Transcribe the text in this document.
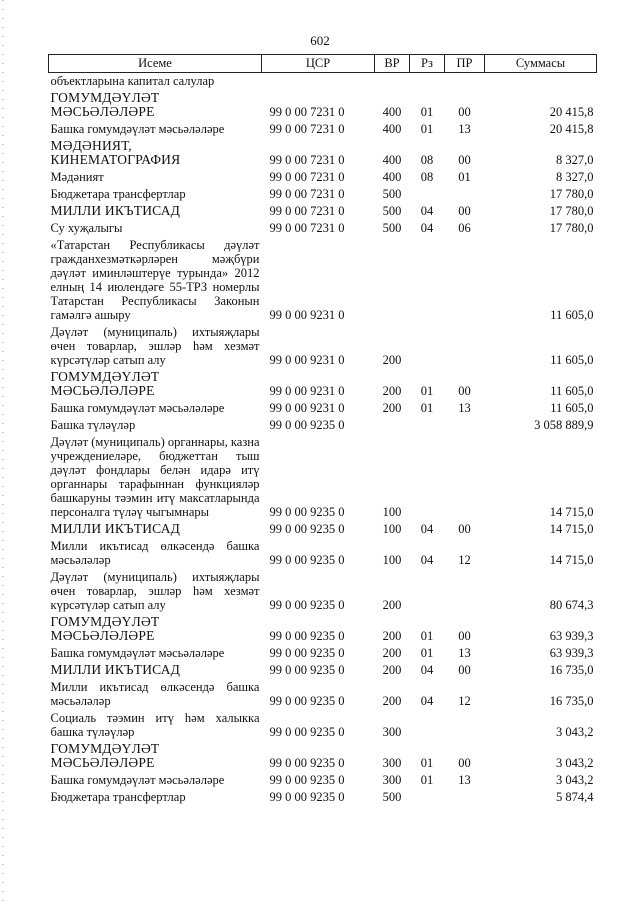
602
Исеме	ЦСР	ВР	Рз	ПР	Суммасы
объектларына капитал салулар					
ГОМУМДӘҮЛӘТ МӘСЬӘЛӘЛӘРЕ	99 0 00 7231 0	400	01	00	20 415,8
Башка гомумдәүләт мәсьәләләре	99 0 00 7231 0	400	01	13	20 415,8
МӘДӘНИЯТ, КИНЕМАТОГРАФИЯ	99 0 00 7231 0	400	08	00	8 327,0
Мәдәният	99 0 00 7231 0	400	08	01	8 327,0
Бюджетара трансфертлар	99 0 00 7231 0	500			17 780,0
МИЛЛИ ИКЪТИСАД	99 0 00 7231 0	500	04	00	17 780,0
Су хуҗалыгы	99 0 00 7231 0	500	04	06	17 780,0
«Татарстан Республикасы дәүләт гражданхезмәткәрләрен мәҗбүри дәүләт иминләштерүе турында» 2012 елның 14 июлендәге 55-ТРЗ номерлы Татарстан Республикасы Законын гамәлгә ашыру	99 0 00 9231 0				11 605,0
Дәүләт (муниципаль) ихтыяҗлары өчен товарлар, эшләр һәм хезмәт күрсәтүләр сатып алу	99 0 00 9231 0	200			11 605,0
ГОМУМДӘҮЛӘТ МӘСЬӘЛӘЛӘРЕ	99 0 00 9231 0	200	01	00	11 605,0
Башка гомумдәүләт мәсьәләләре	99 0 00 9231 0	200	01	13	11 605,0
Башка түләүләр	99 0 00 9235 0				3 058 889,9
Дәүләт (муниципаль) органнары, казна учреждениеләре, бюджеттан тыш дәүләт фондлары белән идарә итү органнары тарафыннан функцияләр башкаруны тәэмин итү максатларында персоналга түләү чыгымнары	99 0 00 9235 0	100			14 715,0
МИЛЛИ ИКЪТИСАД	99 0 00 9235 0	100	04	00	14 715,0
Милли икътисад өлкәсендә башка мәсьәләләр	99 0 00 9235 0	100	04	12	14 715,0
Дәүләт (муниципаль) ихтыяҗлары өчен товарлар, эшләр һәм хезмәт күрсәтүләр сатып алу	99 0 00 9235 0	200			80 674,3
ГОМУМДӘҮЛӘТ МӘСЬӘЛӘЛӘРЕ	99 0 00 9235 0	200	01	00	63 939,3
Башка гомумдәүләт мәсьәләләре	99 0 00 9235 0	200	01	13	63 939,3
МИЛЛИ ИКЪТИСАД	99 0 00 9235 0	200	04	00	16 735,0
Милли икътисад өлкәсендә башка мәсьәләләр	99 0 00 9235 0	200	04	12	16 735,0
Социаль тәэмин итү һәм халыкка башка түләүләр	99 0 00 9235 0	300			3 043,2
ГОМУМДӘҮЛӘТ МӘСЬӘЛӘЛӘРЕ	99 0 00 9235 0	300	01	00	3 043,2
Башка гомумдәүләт мәсьәләләре	99 0 00 9235 0	300	01	13	3 043,2
Бюджетара трансфертлар	99 0 00 9235 0	500			5 874,4
